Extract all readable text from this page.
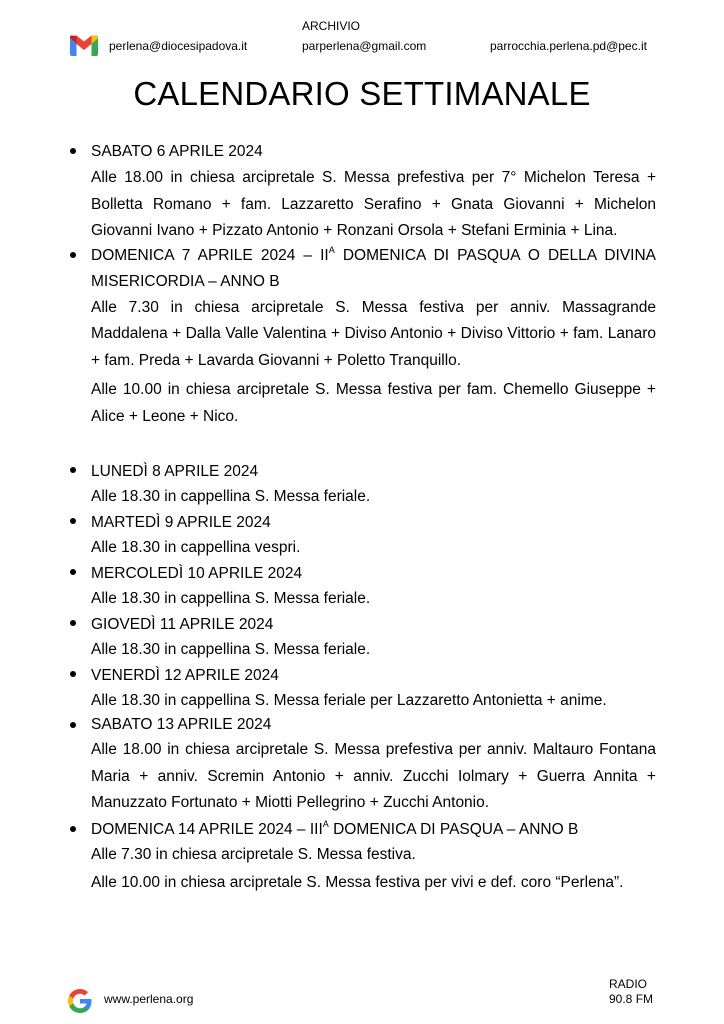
perlena@diocesipadova.it
ARCHIVIO
parperlena@gmail.com	parrocchia.perlena.pd@pec.it
CALENDARIO SETTIMANALE
SABATO 6 APRILE 2024

Alle 18.00 in chiesa arcipretale S. Messa prefestiva per 7° Michelon Teresa + Bolletta Romano + fam. Lazzaretto Serafino + Gnata Giovanni + Michelon Giovanni Ivano + Pizzato Antonio + Ronzani Orsola + Stefani Erminia + Lina.

DOMENICA 7 APRILE $2024 - II^A$ DOMENICA DI PASQUA O DELLA DIVINA MISERICORDIA – ANNO B

Alle 7.30 in chiesa arcipretale S. Messa festiva per anniv. Massagrande Maddalena + Dalla Valle Valentina + Diviso Antonio + Diviso Vittorio + fam. Lanaro + fam. Preda + Lavarda Giovanni + Poletto Tranquillo.

Alle 10.00 in chiesa arcipretale S. Messa festiva per fam. Chemello Giuseppe + Alice + Leone + Nico.

LUNEDÌ 8 APRILE 2024

Alle 18.30 in cappellina S. Messa feriale.

MARTEDÌ 9 APRILE 2024

Alle 18.30 in cappellina vespri.

MERCOLEDÌ 10 APRILE 2024

Alle 18.30 in cappellina S. Messa feriale.

GIOVEDÌ 11 APRILE 2024

Alle 18.30 in cappellina S. Messa feriale.

VENERDÌ 12 APRILE 2024

Alle 18.30 in cappellina S. Messa feriale per Lazzaretto Antonietta + anime.

SABATO 13 APRILE 2024

Alle 18.00 in chiesa arcipretale S. Messa prefestiva per anniv. Maltauro Fontana Maria + anniv. Scremin Antonio + anniv. Zucchi Iolmary + Guerra Annita + Manuzzato Fortunato + Miotti Pellegrino + Zucchi Antonio.

DOMENICA 14 APRILE $2024 - III^A$ DOMENICA DI PASQUA – ANNO B

Alle 7.30 in chiesa arcipretale S. Messa festiva.

Alle 10.00 in chiesa arcipretale S. Messa festiva per vivi e def. coro “Perlena”.

www.perlena.org
RADIO
90.8 FM
